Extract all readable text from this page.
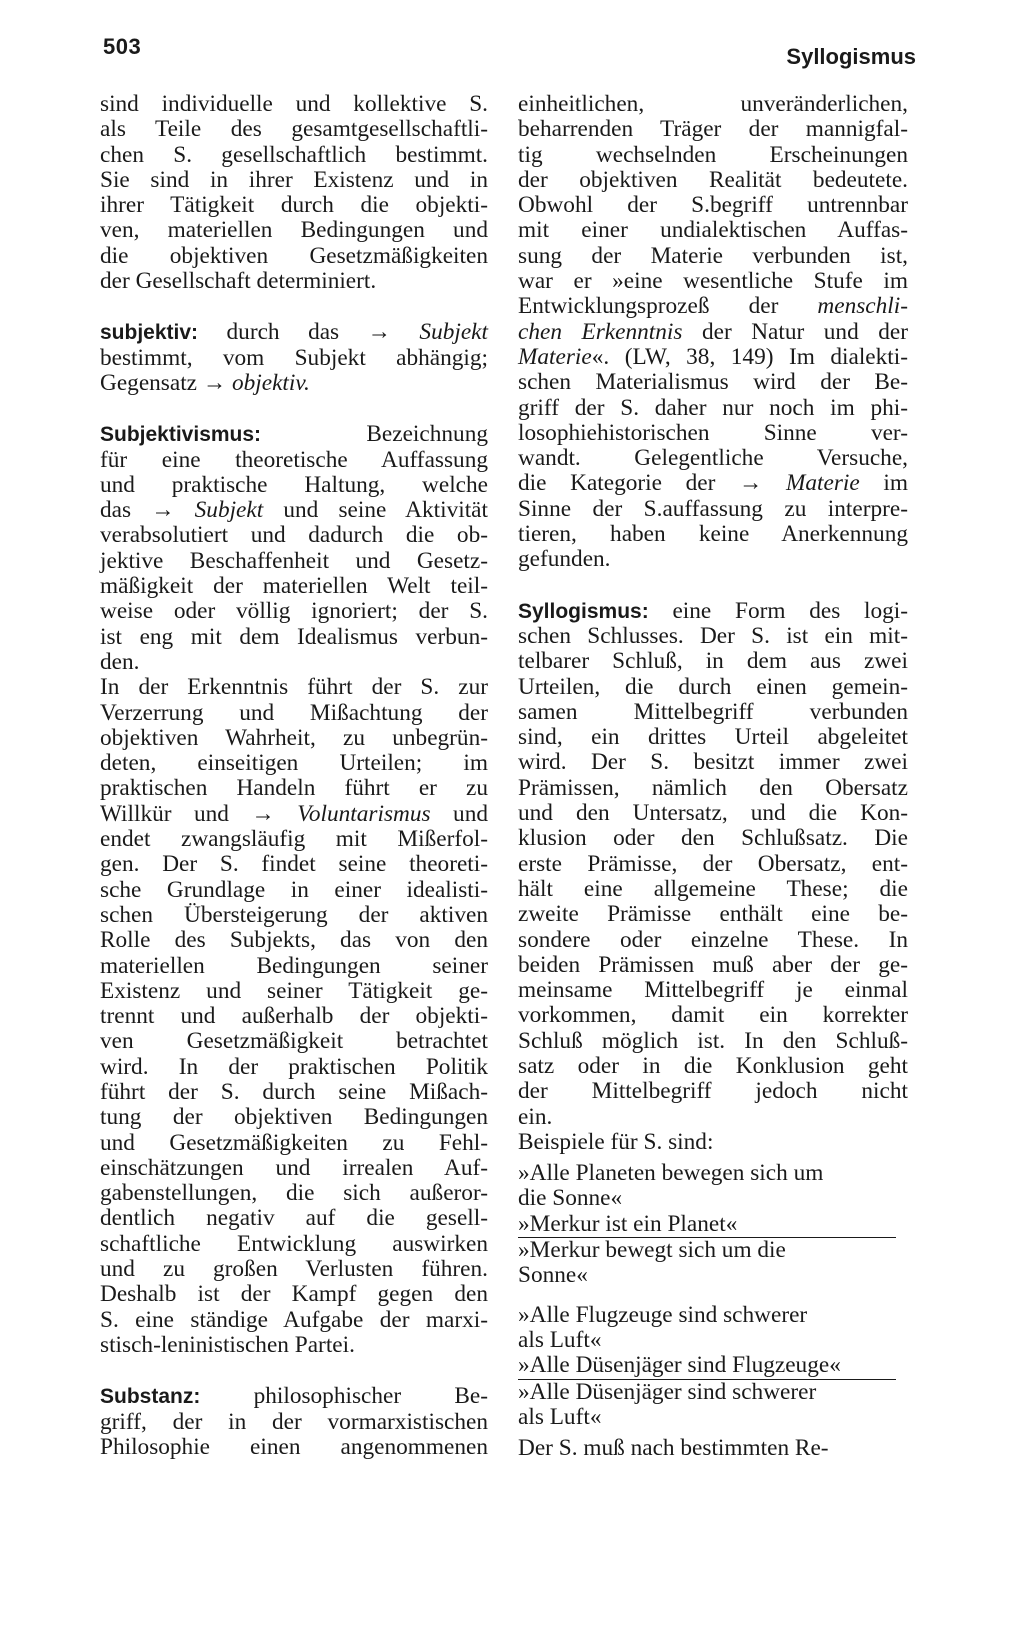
503	Syllogismus
sind individuelle und kollektive S.
als Teile des gesamtgesellschaftli-
chen S. gesellschaftlich bestimmt.
Sie sind in ihrer Existenz und in
ihrer Tätigkeit durch die objekti-
ven, materiellen Bedingungen und
die objektiven Gesetzmäßigkeiten
der Gesellschaft determiniert.
subjektiv: durch das → Subjekt
bestimmt, vom Subjekt abhängig;
Gegensatz → objektiv.
Subjektivismus: Bezeichnung
für eine theoretische Auffassung
und praktische Haltung, welche
das → Subjekt und seine Aktivität
verabsolutiert und dadurch die ob-
jektive Beschaffenheit und Gesetz-
mäßigkeit der materiellen Welt teil-
weise oder völlig ignoriert; der S.
ist eng mit dem Idealismus verbun-
den.
In der Erkenntnis führt der S. zur
Verzerrung und Mißachtung der
objektiven Wahrheit, zu unbegrün-
deten, einseitigen Urteilen; im
praktischen Handeln führt er zu
Willkür und → Voluntarismus und
endet zwangsläufig mit Mißerfol-
gen. Der S. findet seine theoreti-
sche Grundlage in einer idealisti-
schen Übersteigerung der aktiven
Rolle des Subjekts, das von den
materiellen Bedingungen seiner
Existenz und seiner Tätigkeit ge-
trennt und außerhalb der objekti-
ven Gesetzmäßigkeit betrachtet
wird. In der praktischen Politik
führt der S. durch seine Mißach-
tung der objektiven Bedingungen
und Gesetzmäßigkeiten zu Fehl-
einschätzungen und irrealen Auf-
gabenstellungen, die sich außeror-
dentlich negativ auf die gesell-
schaftliche Entwicklung auswirken
und zu großen Verlusten führen.
Deshalb ist der Kampf gegen den
S. eine ständige Aufgabe der marxi-
stisch-leninistischen Partei.
Substanz: philosophischer Be-
griff, der in der vormarxistischen
Philosophie einen angenommenen
einheitlichen, unveränderlichen,
beharrenden Träger der mannigfal-
tig wechselnden Erscheinungen
der objektiven Realität bedeutete.
Obwohl der S.begriff untrennbar
mit einer undialektischen Auffas-
sung der Materie verbunden ist,
war er »eine wesentliche Stufe im
Entwicklungsprozeß der menschli-
chen Erkenntnis der Natur und der
Materie«. (LW, 38, 149) Im dialekti-
schen Materialismus wird der Be-
griff der S. daher nur noch im phi-
losophiehistorischen Sinne ver-
wandt. Gelegentliche Versuche,
die Kategorie der → Materie im
Sinne der S.auffassung zu interpre-
tieren, haben keine Anerkennung
gefunden.
Syllogismus: eine Form des logi-
schen Schlusses. Der S. ist ein mit-
telbarer Schluß, in dem aus zwei
Urteilen, die durch einen gemein-
samen Mittelbegriff verbunden
sind, ein drittes Urteil abgeleitet
wird. Der S. besitzt immer zwei
Prämissen, nämlich den Obersatz
und den Untersatz, und die Kon-
klusion oder den Schlußsatz. Die
erste Prämisse, der Obersatz, ent-
hält eine allgemeine These; die
zweite Prämisse enthält eine be-
sondere oder einzelne These. In
beiden Prämissen muß aber der ge-
meinsame Mittelbegriff je einmal
vorkommen, damit ein korrekter
Schluß möglich ist. In den Schluß-
satz oder in die Konklusion geht
der Mittelbegriff jedoch nicht
ein.
Beispiele für S. sind:
»Alle Planeten bewegen sich um
die Sonne«
»Merkur ist ein Planet«
»Merkur bewegt sich um die
Sonne«
»Alle Flugzeuge sind schwerer
als Luft«
»Alle Düsenjäger sind Flugzeuge«
»Alle Düsenjäger sind schwerer
als Luft«
Der S. muß nach bestimmten Re-
